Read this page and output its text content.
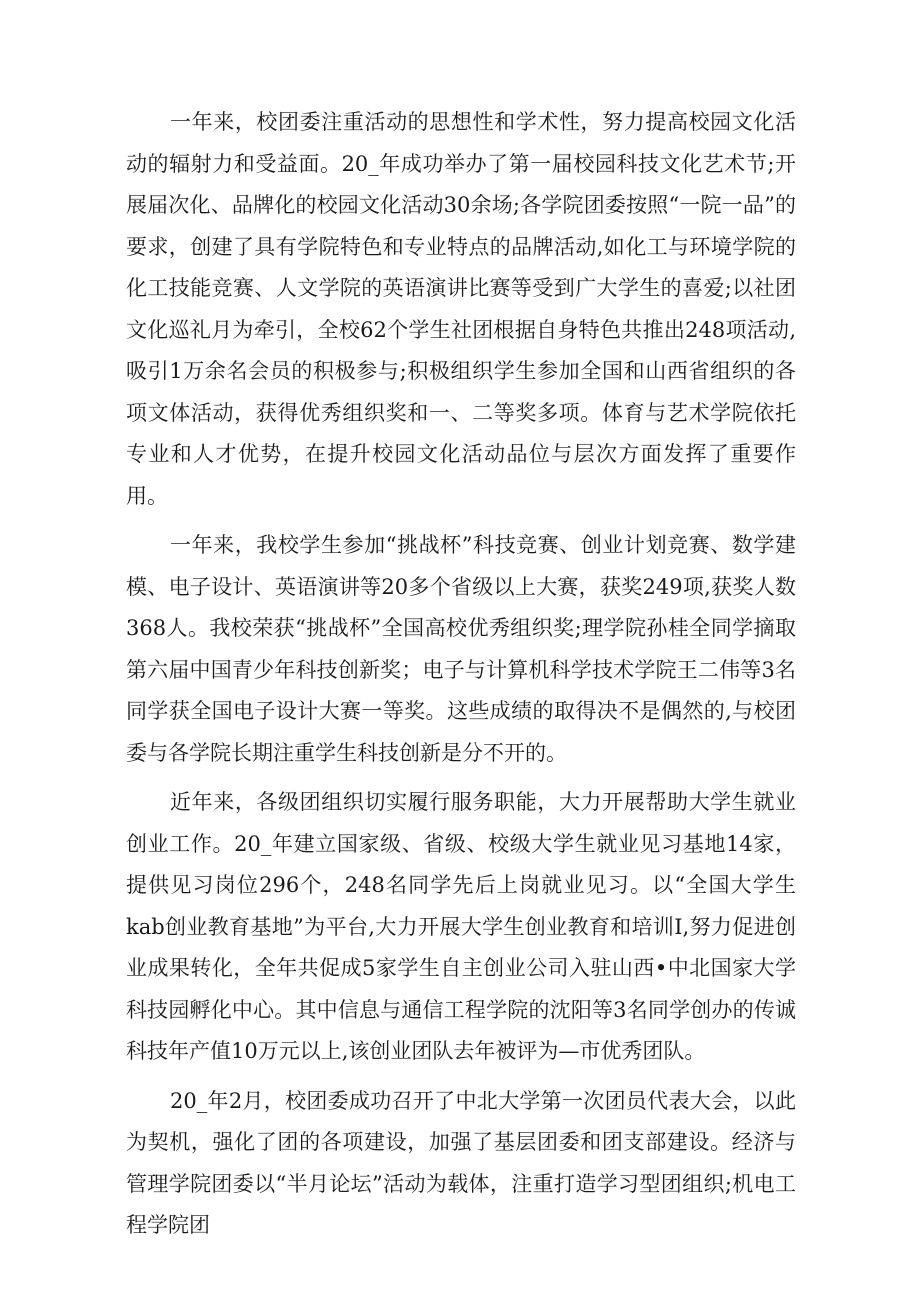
一年来，校团委注重活动的思想性和学术性，努力提高校园文化活动的辐射力和受益面。20_年成功举办了第一届校园科技文化艺术节;开展届次化、品牌化的校园文化活动30余场;各学院团委按照“一院一品”的要求，创建了具有学院特色和专业特点的品牌活动,如化工与环境学院的化工技能竞赛、人文学院的英语演讲比赛等受到广大学生的喜爱;以社团文化巡礼月为牵引，全校62个学生社团根据自身特色共推出248项活动,吸引1万余名会员的积极参与;积极组织学生参加全国和山西省组织的各项文体活动，获得优秀组织奖和一、二等奖多项。体育与艺术学院依托专业和人才优势，在提升校园文化活动品位与层次方面发挥了重要作用。

一年来，我校学生参加“挑战杯”科技竞赛、创业计划竞赛、数学建模、电子设计、英语演讲等20多个省级以上大赛，获奖249项,获奖人数368人。我校荣获“挑战杯”全国高校优秀组织奖;理学院孙桂全同学摘取第六届中国青少年科技创新奖；电子与计算机科学技术学院王二伟等3名同学获全国电子设计大赛一等奖。这些成绩的取得决不是偶然的,与校团委与各学院长期注重学生科技创新是分不开的。

近年来，各级团组织切实履行服务职能，大力开展帮助大学生就业创业工作。20_年建立国家级、省级、校级大学生就业见习基地14家，提供见习岗位296个，248名同学先后上岗就业见习。以“全国大学生kab创业教育基地”为平台,大力开展大学生创业教育和培训I,努力促进创业成果转化，全年共促成5家学生自主创业公司入驻山西•中北国家大学科技园孵化中心。其中信息与通信工程学院的沈阳等3名同学创办的传诚科技年产值10万元以上,该创业团队去年被评为—市优秀团队。

20_年2月，校团委成功召开了中北大学第一次团员代表大会，以此为契机，强化了团的各项建设，加强了基层团委和团支部建设。经济与管理学院团委以“半月论坛”活动为载体，注重打造学习型团组织;机电工程学院团
